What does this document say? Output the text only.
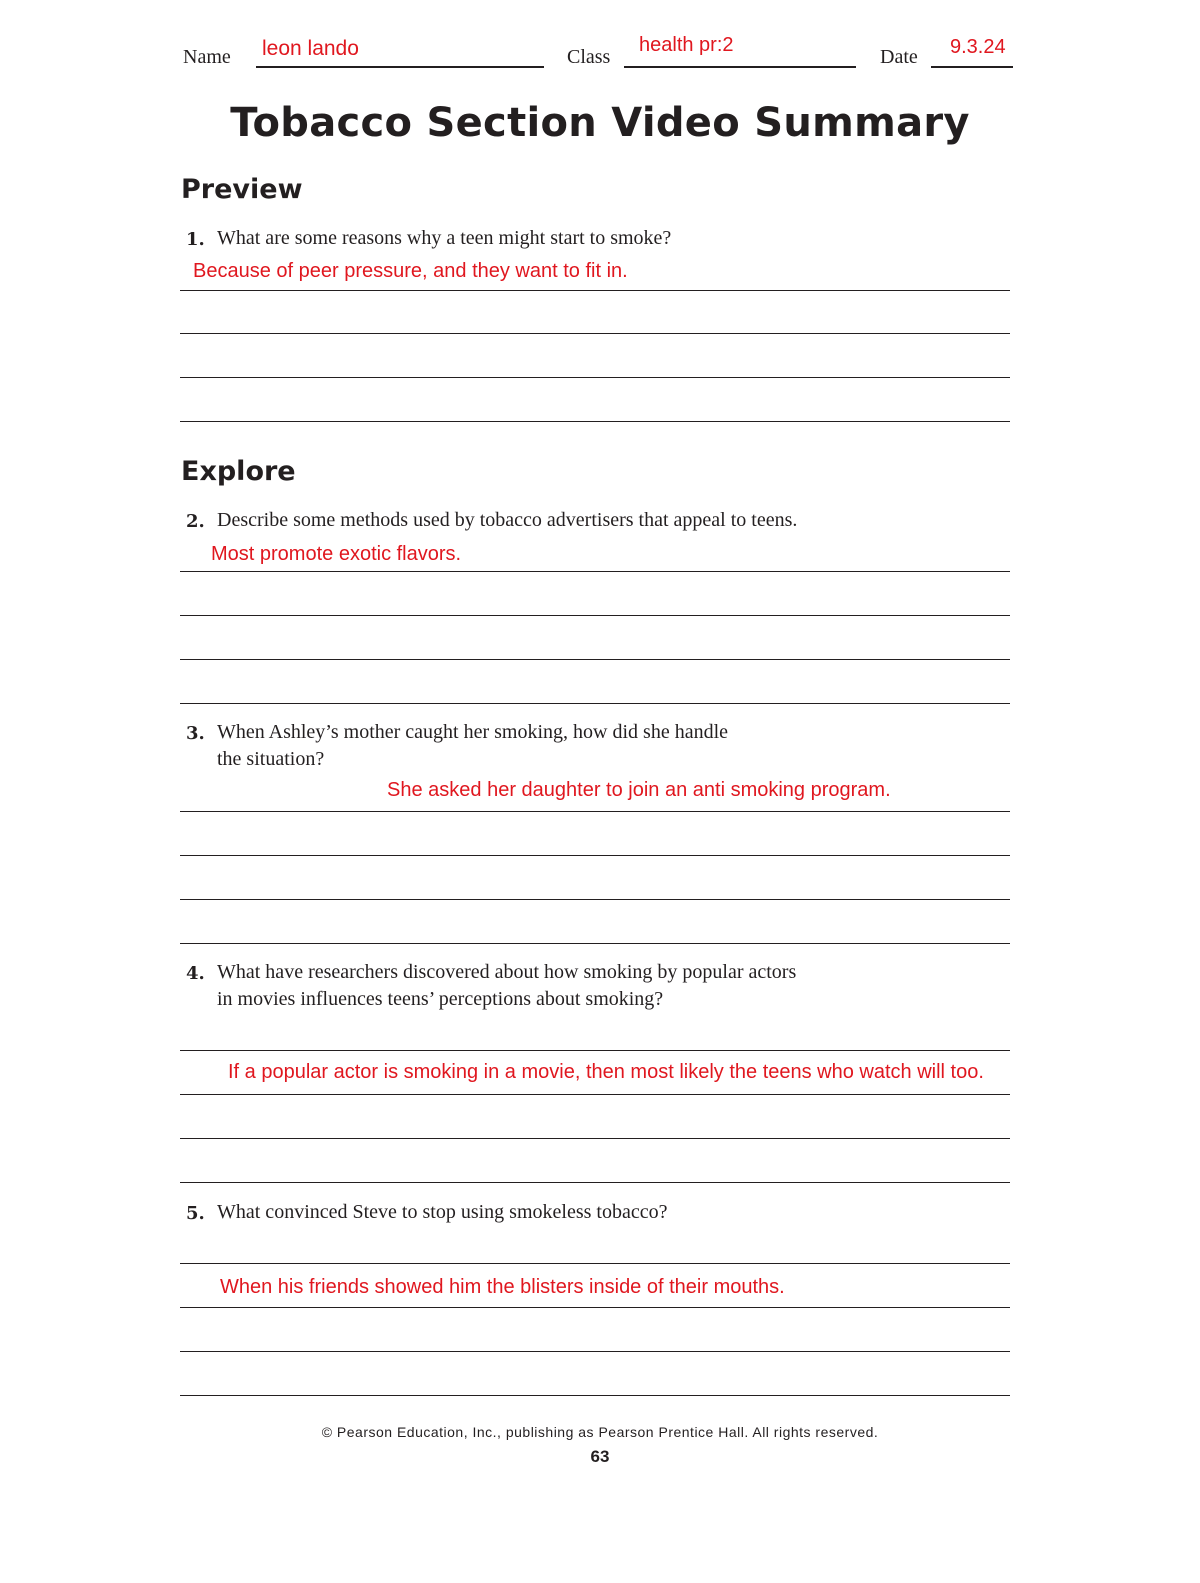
Name leon lando	Class
health pr:2
Date 9.3.24
Tobacco Section Video Summary
Preview
1. What are some reasons why a teen might start to smoke?
Because of peer pressure, and they want to fit in.
Explore
2. Describe some methods used by tobacco advertisers that appeal to teens.
Most promote exotic flavors.
3. When Ashley’s mother caught her smoking, how did she handle
the situation?
She asked her daughter to join an anti smoking program.
4. What have researchers discovered about how smoking by popular actors
in movies influences teens’ perceptions about smoking?
If a popular actor is smoking in a movie, then most likely the teens who watch will too.
5. What convinced Steve to stop using smokeless tobacco?
When his friends showed him the blisters inside of their mouths.
© Pearson Education, Inc., publishing as Pearson Prentice Hall. All rights reserved.
63
